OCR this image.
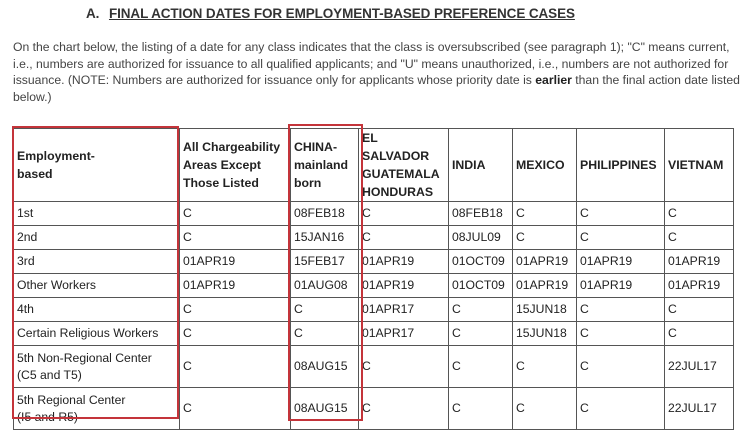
A. FINAL ACTION DATES FOR EMPLOYMENT-BASED PREFERENCE CASES
On the chart below, the listing of a date for any class indicates that the class is oversubscribed (see paragraph 1); "C" means current, i.e., numbers are authorized for issuance to all qualified applicants; and "U" means unauthorized, i.e., numbers are not authorized for issuance. (NOTE: Numbers are authorized for issuance only for applicants whose priority date is earlier than the final action date listed below.)
Employment-
based	All Chargeability
Areas Except
Those Listed	CHINA-
mainland
born	EL SALVADOR
GUATEMALA
HONDURAS	INDIA	MEXICO	PHILIPPINES	VIETNAM
1st	C	08FEB18	C	08FEB18	C	C	C
2nd	C	15JAN16	C	08JUL09	C	C	C
3rd	01APR19	15FEB17	01APR19	01OCT09	01APR19	01APR19	01APR19
Other Workers	01APR19	01AUG08	01APR19	01OCT09	01APR19	01APR19	01APR19
4th	C	C	01APR17	C	15JUN18	C	C
Certain Religious Workers	C	C	01APR17	C	15JUN18	C	C
5th Non-Regional Center
(C5 and T5)	C	08AUG15	C	C	C	C	22JUL17
5th Regional Center
(I5 and R5)	C	08AUG15	C	C	C	C	22JUL17
